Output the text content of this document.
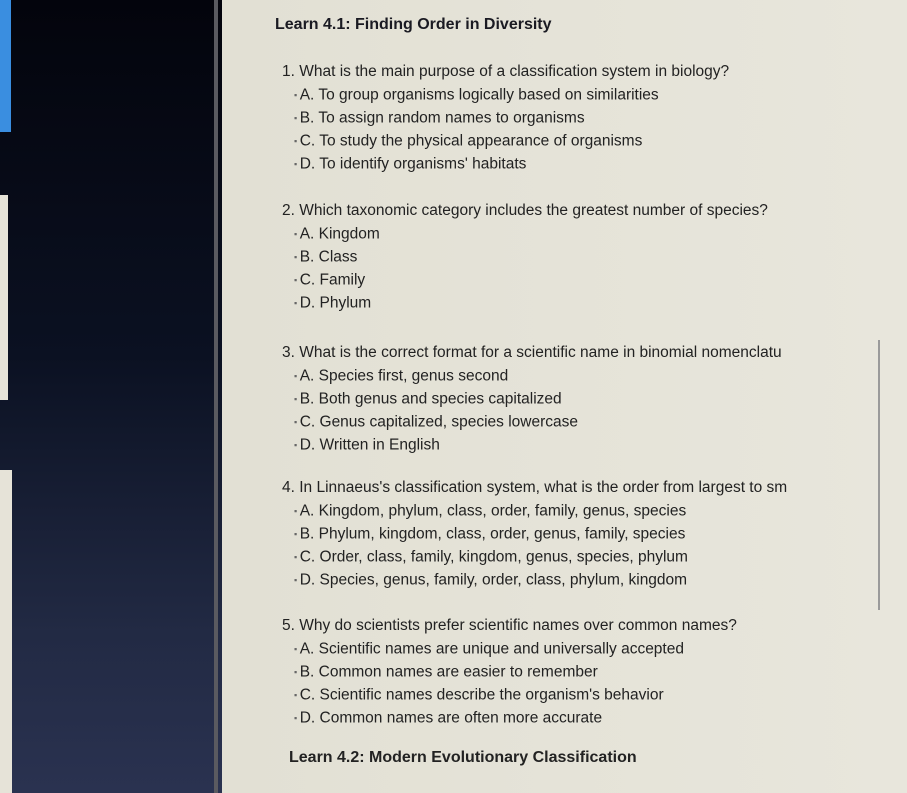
Learn 4.1: Finding Order in Diversity
1. What is the main purpose of a classification system in biology?
▪ A. To group organisms logically based on similarities
▪ B. To assign random names to organisms
▪ C. To study the physical appearance of organisms
▪ D. To identify organisms' habitats
2. Which taxonomic category includes the greatest number of species?
▪ A. Kingdom
▪ B. Class
▪ C. Family
▪ D. Phylum
3. What is the correct format for a scientific name in binomial nomenclatu
▪ A. Species first, genus second
▪ B. Both genus and species capitalized
▪ C. Genus capitalized, species lowercase
▪ D. Written in English
4. In Linnaeus's classification system, what is the order from largest to sm
▪ A. Kingdom, phylum, class, order, family, genus, species
▪ B. Phylum, kingdom, class, order, genus, family, species
▪ C. Order, class, family, kingdom, genus, species, phylum
▪ D. Species, genus, family, order, class, phylum, kingdom
5. Why do scientists prefer scientific names over common names?
▪ A. Scientific names are unique and universally accepted
▪ B. Common names are easier to remember
▪ C. Scientific names describe the organism's behavior
▪ D. Common names are often more accurate
Learn 4.2: Modern Evolutionary Classification
